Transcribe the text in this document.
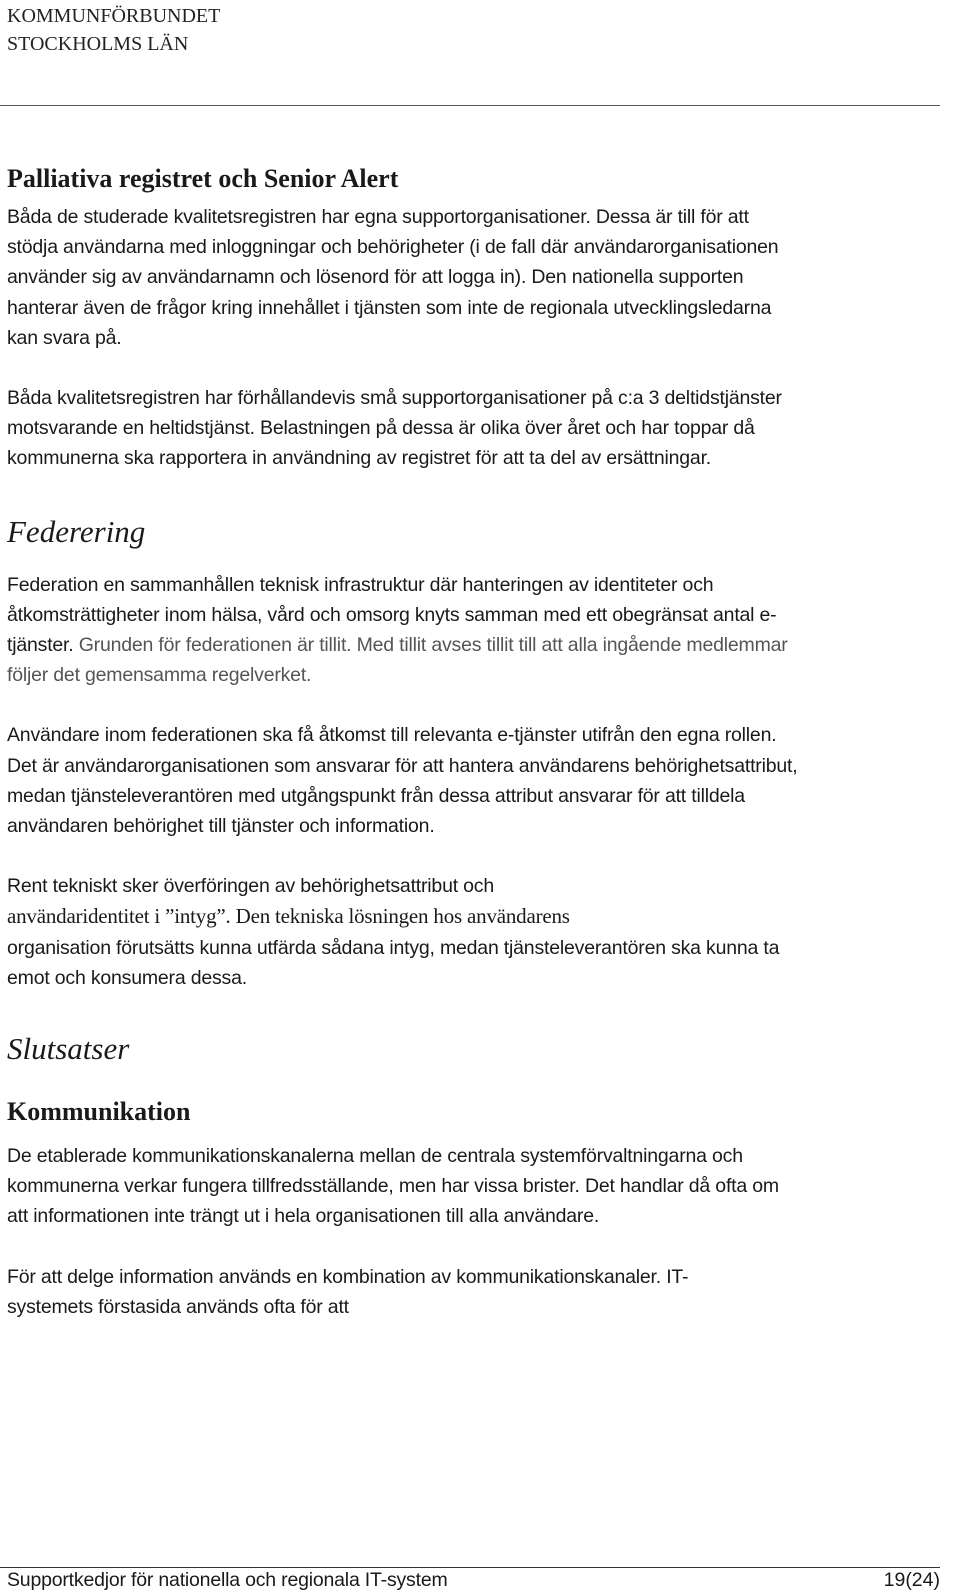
KOMMUNFÖRBUNDET
STOCKHOLMS LÄN
Palliativa registret och Senior Alert

Båda de studerade kvalitetsregistren har egna supportorganisationer. Dessa är till för att stödja användarna med inloggningar och behörigheter (i de fall där användarorganisationen använder sig av användarnamn och lösenord för att logga in). Den nationella supporten hanterar även de frågor kring innehållet i tjänsten som inte de regionala utvecklingsledarna kan svara på.

Båda kvalitetsregistren har förhållandevis små supportorganisationer på c:a 3 deltidstjänster motsvarande en heltidstjänst. Belastningen på dessa är olika över året och har toppar då kommunerna ska rapportera in användning av registret för att ta del av ersättningar.

Federering

Federation en sammanhållen teknisk infrastruktur där hanteringen av identiteter och åtkomsträttigheter inom hälsa, vård och omsorg knyts samman med ett obegränsat antal e-tjänster. Grunden för federationen är tillit. Med tillit avses tillit till att alla ingående medlemmar följer det gemensamma regelverket.

Användare inom federationen ska få åtkomst till relevanta e-tjänster utifrån den egna rollen. Det är användarorganisationen som ansvarar för att hantera användarens behörighetsattribut, medan tjänsteleverantören med utgångspunkt från dessa attribut ansvarar för att tilldela användaren behörighet till tjänster och information.

Rent tekniskt sker överföringen av behörighetsattribut och
användaridentitet i ”intyg”. Den tekniska lösningen hos användarens
organisation förutsätts kunna utfärda sådana intyg, medan tjänsteleverantören ska kunna ta emot och konsumera dessa.

Slutsatser
Kommunikation

De etablerade kommunikationskanalerna mellan de centrala systemförvaltningarna och kommunerna verkar fungera tillfredsställande, men har vissa brister. Det handlar då ofta om att informationen inte trängt ut i hela organisationen till alla användare.

För att delge information används en kombination av kommunikationskanaler. IT-systemets förstasida används ofta för att

Supportkedjor för nationella och regionala IT-system	19(24)
